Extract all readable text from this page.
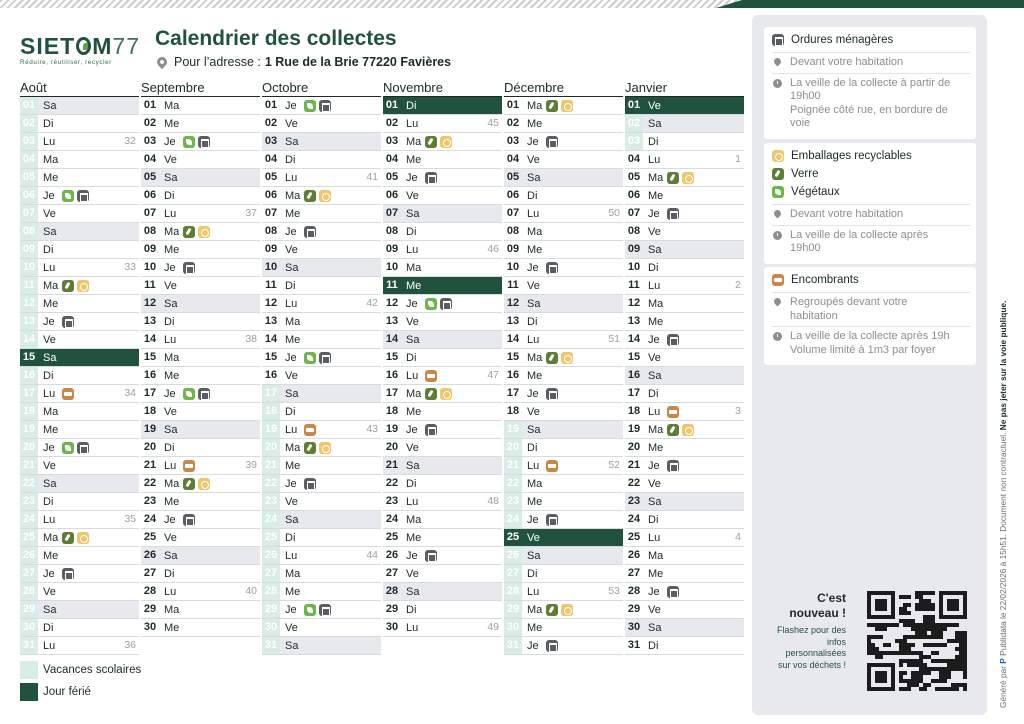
SIET M 77
Réduire, réutiliser, recycler
Calendrier des collectes
Pour l’adresse : 1 Rue de la Brie 77220 Favières
Août
01 Sa
02 Di
03 Lu	32
04 Ma
05 Me
06 Je
07 Ve
08 Sa
09 Di
10 Lu	33
11 Ma
12 Me
13 Je
14 Ve
15 Sa
16 Di
17 Lu	34
18 Ma
19 Me
20 Je
21 Ve
22 Sa
23 Di
24 Lu	35
25 Ma
26 Me
27 Je
28 Ve
29 Sa
30 Di
31 Lu	36
Septembre
01 Ma
02 Me
03 Je
04 Ve
05 Sa
06 Di
07 Lu	37
08 Ma
09 Me
10 Je
11 Ve
12 Sa
13 Di
14 Lu	38
15 Ma
16 Me
17 Je
18 Ve
19 Sa
20 Di
21 Lu	39
22 Ma
23 Me
24 Je
25 Ve
26 Sa
27 Di
28 Lu	40
29 Ma
30 Me
Octobre
01 Je
02 Ve
03 Sa
04 Di
05 Lu	41
06 Ma
07 Me
08 Je
09 Ve
10 Sa
11 Di
12 Lu	42
13 Ma
14 Me
15 Je
16 Ve
17 Sa
18 Di
19 Lu	43
20 Ma
21 Me
22 Je
23 Ve
24 Sa
25 Di
26 Lu	44
27 Ma
28 Me
29 Je
30 Ve
31 Sa
Novembre
01 Di
02 Lu	45
03 Ma
04 Me
05 Je
06 Ve
07 Sa
08 Di
09 Lu	46
10 Ma
11 Me
12 Je
13 Ve
14 Sa
15 Di
16 Lu	47
17 Ma
18 Me
19 Je
20 Ve
21 Sa
22 Di
23 Lu	48
24 Ma
25 Me
26 Je
27 Ve
28 Sa
29 Di
30 Lu	49
Décembre
01 Ma
02 Me
03 Je
04 Ve
05 Sa
06 Di
07 Lu	50
08 Ma
09 Me
10 Je
11 Ve
12 Sa
13 Di
14 Lu	51
15 Ma
16 Me
17 Je
18 Ve
19 Sa
20 Di
21 Lu	52
22 Ma
23 Me
24 Je
25 Ve
26 Sa
27 Di
28 Lu	53
29 Ma
30 Me
31 Je
Janvier
01 Ve
02 Sa
03 Di
04 Lu	1
05 Ma
06 Me
07 Je
08 Ve
09 Sa
10 Di
11 Lu	2
12 Ma
13 Me
14 Je
15 Ve
16 Sa
17 Di
18 Lu	3
19 Ma
20 Me
21 Je
22 Ve
23 Sa
24 Di
25 Lu	4
26 Ma
27 Me
28 Je
29 Ve
30 Sa
31 Di
Vacances scolaires
Jour férié
Ordures ménagères
Devant votre habitation
La veille de la collecte à partir de 19h00
Poignée côté rue, en bordure de voie
Emballages recyclables
Verre
Végétaux
Devant votre habitation
La veille de la collecte après 19h00
Encombrants
Regroupés devant votre habitation
La veille de la collecte après 19h
Volume limité à 1m3 par foyer
C'est
nouveau !
Flashez pour des
infos
personnalisées
sur vos déchets !
Généré par P Publidata le 22/02/2026 à 15h51. Document non contractuel. Ne pas jeter sur la voie publique.
